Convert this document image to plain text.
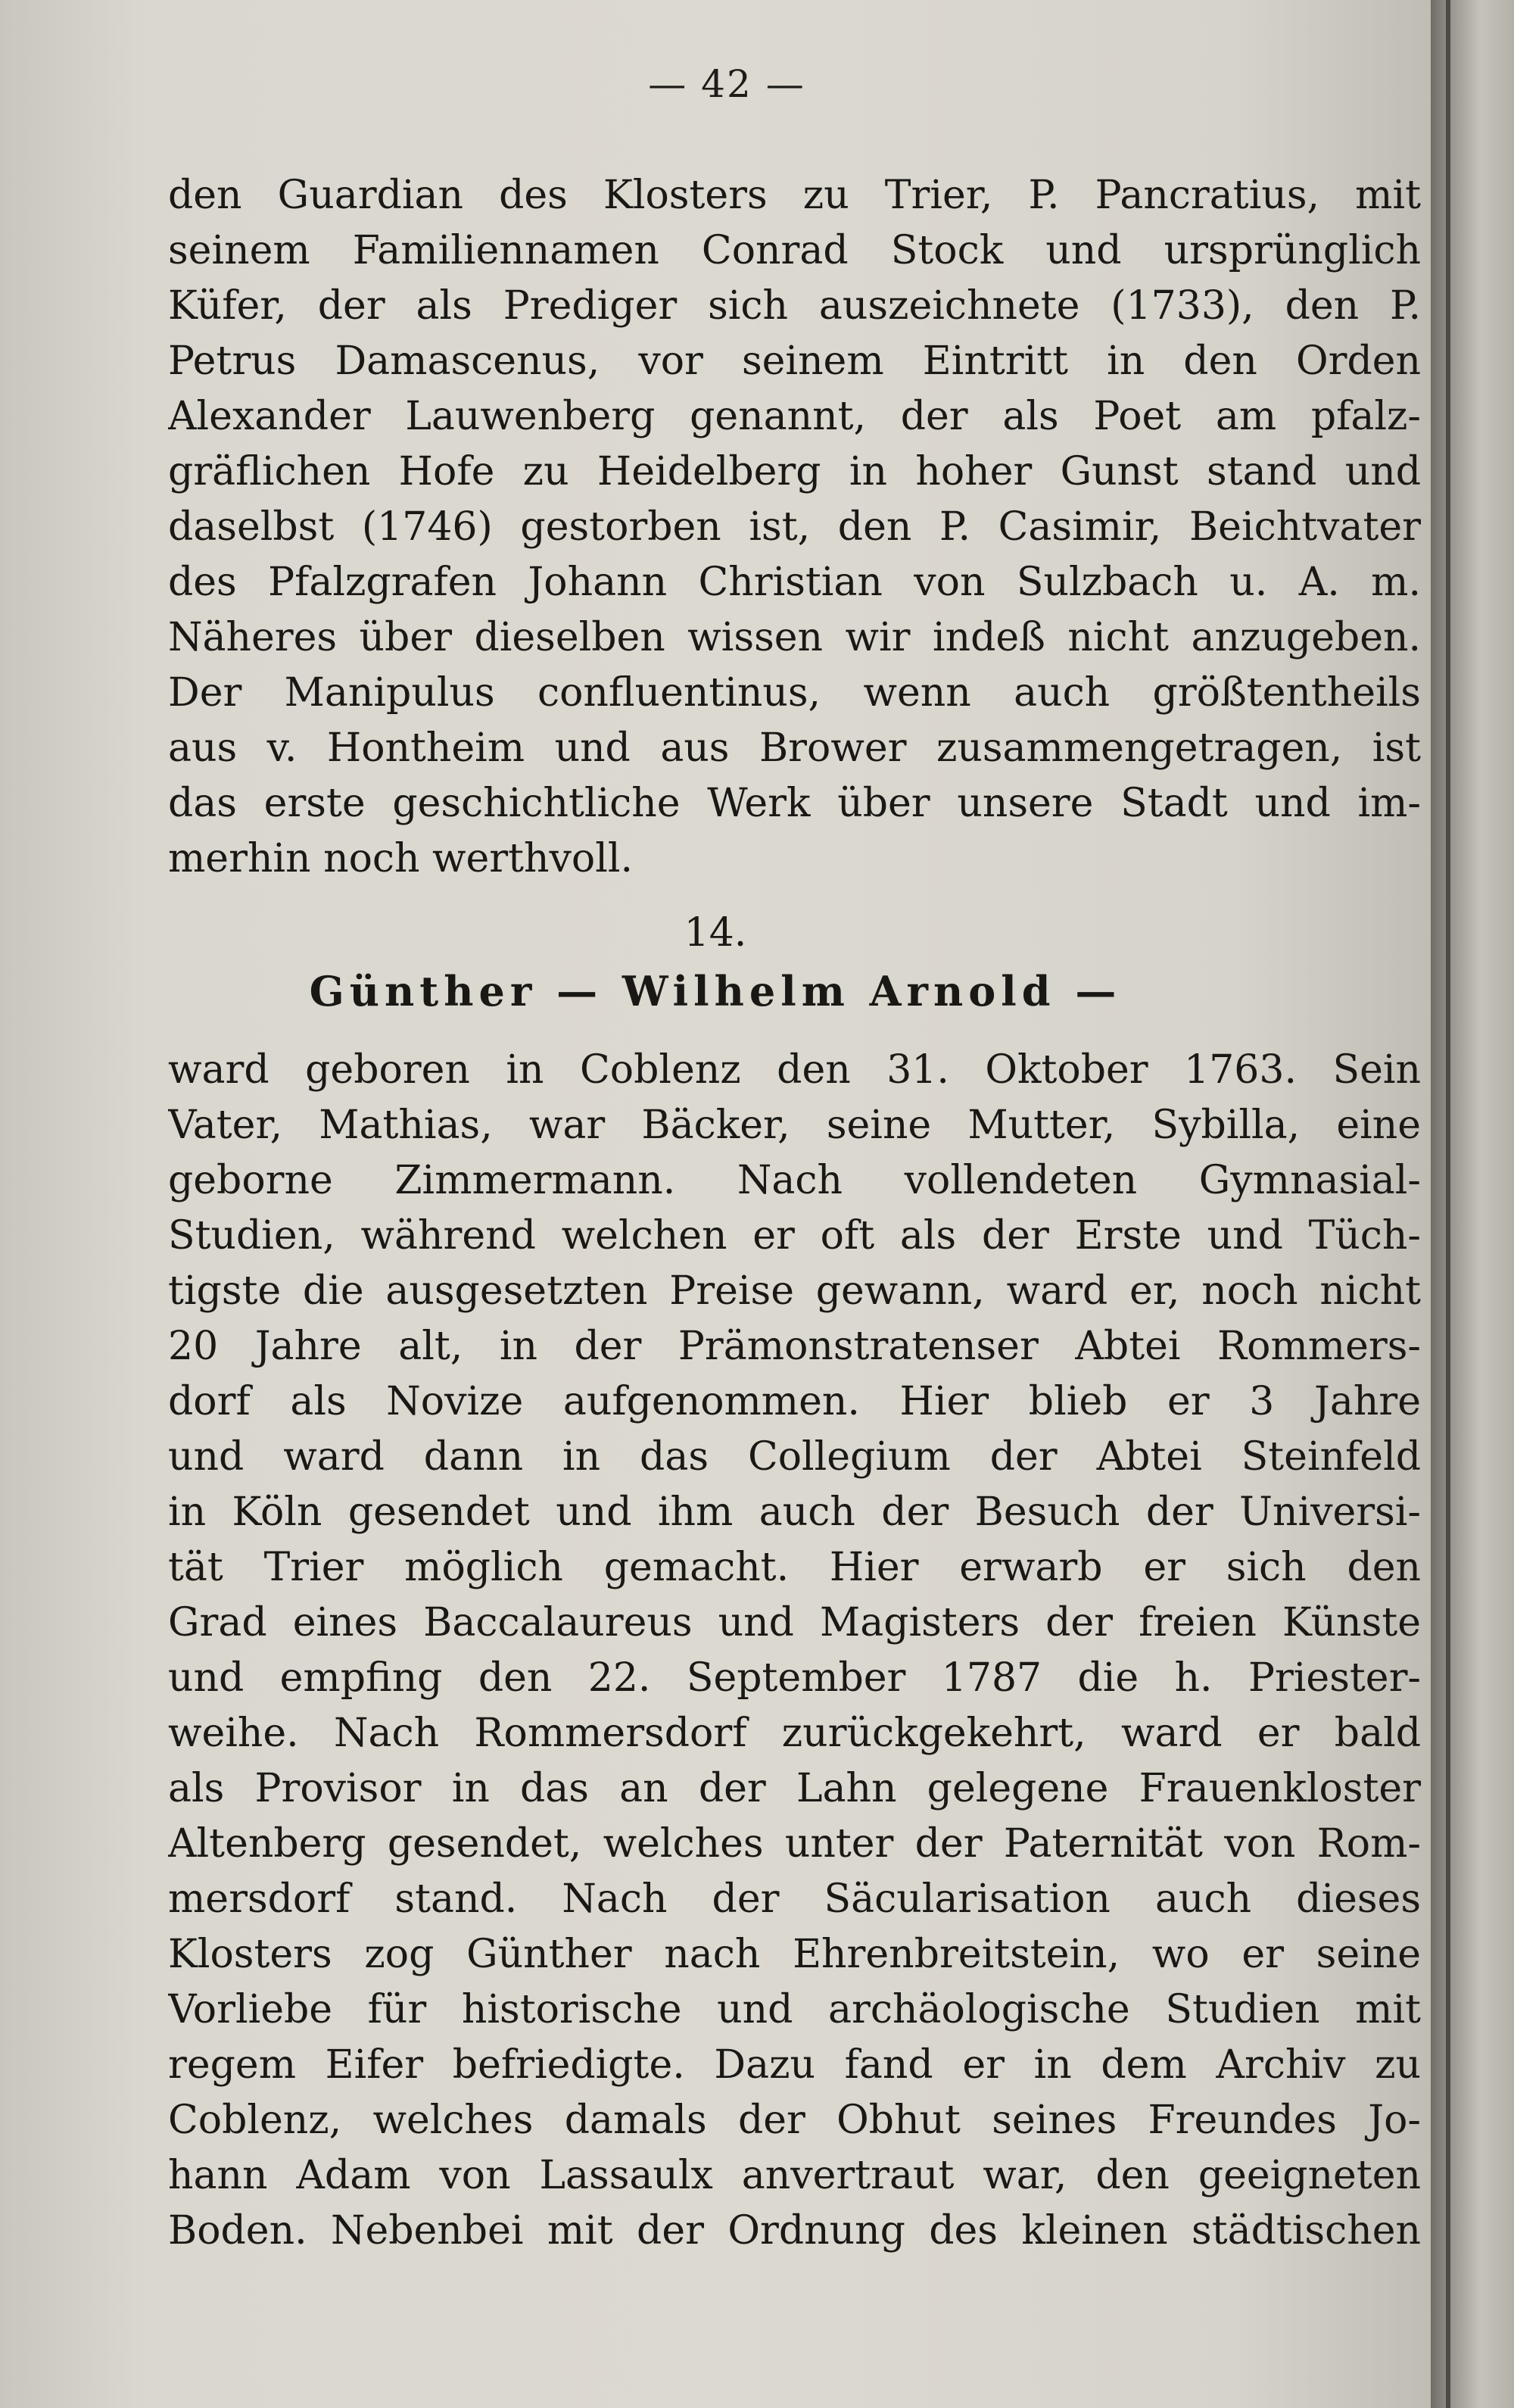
— 42 —
den Guardian des Klosters zu Trier, P. Pancratius, mit
seinem Familiennamen Conrad Stock und ursprünglich
Küfer, der als Prediger sich auszeichnete (1733), den P.
Petrus Damascenus, vor seinem Eintritt in den Orden
Alexander Lauwenberg genannt, der als Poet am pfalz-
gräflichen Hofe zu Heidelberg in hoher Gunst stand und
daselbst (1746) gestorben ist, den P. Casimir, Beichtvater
des Pfalzgrafen Johann Christian von Sulzbach u. A. m.
Näheres über dieselben wissen wir indeß nicht anzugeben.
Der Manipulus confluentinus, wenn auch größtentheils
aus v. Hontheim und aus Brower zusammengetragen, ist
das erste geschichtliche Werk über unsere Stadt und im-
merhin noch werthvoll.
14.
Günther — Wilhelm Arnold —
ward geboren in Coblenz den 31. Oktober 1763. Sein
Vater, Mathias, war Bäcker, seine Mutter, Sybilla, eine
geborne Zimmermann. Nach vollendeten Gymnasial-
Studien, während welchen er oft als der Erste und Tüch-
tigste die ausgesetzten Preise gewann, ward er, noch nicht
20 Jahre alt, in der Prämonstratenser Abtei Rommers-
dorf als Novize aufgenommen. Hier blieb er 3 Jahre
und ward dann in das Collegium der Abtei Steinfeld
in Köln gesendet und ihm auch der Besuch der Universi-
tät Trier möglich gemacht. Hier erwarb er sich den
Grad eines Baccalaureus und Magisters der freien Künste
und empfing den 22. September 1787 die h. Priester-
weihe. Nach Rommersdorf zurückgekehrt, ward er bald
als Provisor in das an der Lahn gelegene Frauenkloster
Altenberg gesendet, welches unter der Paternität von Rom-
mersdorf stand. Nach der Säcularisation auch dieses
Klosters zog Günther nach Ehrenbreitstein, wo er seine
Vorliebe für historische und archäologische Studien mit
regem Eifer befriedigte. Dazu fand er in dem Archiv zu
Coblenz, welches damals der Obhut seines Freundes Jo-
hann Adam von Lassaulx anvertraut war, den geeigneten
Boden. Nebenbei mit der Ordnung des kleinen städtischen
